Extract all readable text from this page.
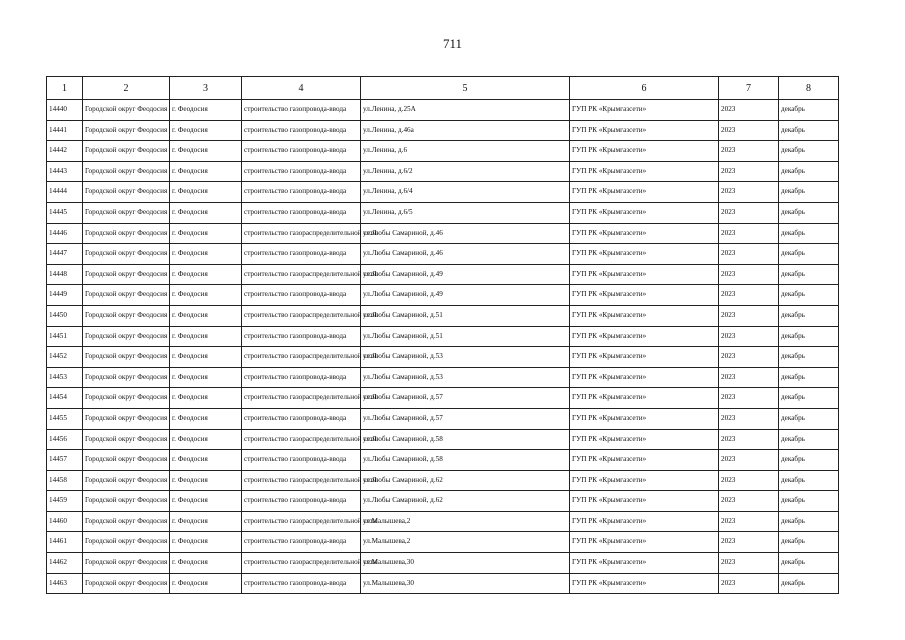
711
1	2	3	4	5	6	7	8
14440	Городской округ Феодосия	г. Феодосия	строительство газопровода-ввода	ул.Ленина, д.25А	ГУП РК «Крымгазсети»	2023	декабрь
14441	Городской округ Феодосия	г. Феодосия	строительство газопровода-ввода	ул.Ленина, д.46а	ГУП РК «Крымгазсети»	2023	декабрь
14442	Городской округ Феодосия	г. Феодосия	строительство газопровода-ввода	ул.Ленина, д.6	ГУП РК «Крымгазсети»	2023	декабрь
14443	Городской округ Феодосия	г. Феодосия	строительство газопровода-ввода	ул.Ленина, д.6/2	ГУП РК «Крымгазсети»	2023	декабрь
14444	Городской округ Феодосия	г. Феодосия	строительство газопровода-ввода	ул.Ленина, д.6/4	ГУП РК «Крымгазсети»	2023	декабрь
14445	Городской округ Феодосия	г. Феодосия	строительство газопровода-ввода	ул.Ленина, д.6/5	ГУП РК «Крымгазсети»	2023	декабрь
14446	Городской округ Феодосия	г. Феодосия	строительство газораспределительной сети	ул.Любы Самариной, д.46	ГУП РК «Крымгазсети»	2023	декабрь
14447	Городской округ Феодосия	г. Феодосия	строительство газопровода-ввода	ул.Любы Самариной, д.46	ГУП РК «Крымгазсети»	2023	декабрь
14448	Городской округ Феодосия	г. Феодосия	строительство газораспределительной сети	ул.Любы Самариной, д.49	ГУП РК «Крымгазсети»	2023	декабрь
14449	Городской округ Феодосия	г. Феодосия	строительство газопровода-ввода	ул.Любы Самариной, д.49	ГУП РК «Крымгазсети»	2023	декабрь
14450	Городской округ Феодосия	г. Феодосия	строительство газораспределительной сети	ул.Любы Самариной, д.51	ГУП РК «Крымгазсети»	2023	декабрь
14451	Городской округ Феодосия	г. Феодосия	строительство газопровода-ввода	ул.Любы Самариной, д.51	ГУП РК «Крымгазсети»	2023	декабрь
14452	Городской округ Феодосия	г. Феодосия	строительство газораспределительной сети	ул.Любы Самариной, д.53	ГУП РК «Крымгазсети»	2023	декабрь
14453	Городской округ Феодосия	г. Феодосия	строительство газопровода-ввода	ул.Любы Самариной, д.53	ГУП РК «Крымгазсети»	2023	декабрь
14454	Городской округ Феодосия	г. Феодосия	строительство газораспределительной сети	ул.Любы Самариной, д.57	ГУП РК «Крымгазсети»	2023	декабрь
14455	Городской округ Феодосия	г. Феодосия	строительство газопровода-ввода	ул.Любы Самариной, д.57	ГУП РК «Крымгазсети»	2023	декабрь
14456	Городской округ Феодосия	г. Феодосия	строительство газораспределительной сети	ул.Любы Самариной, д.58	ГУП РК «Крымгазсети»	2023	декабрь
14457	Городской округ Феодосия	г. Феодосия	строительство газопровода-ввода	ул.Любы Самариной, д.58	ГУП РК «Крымгазсети»	2023	декабрь
14458	Городской округ Феодосия	г. Феодосия	строительство газораспределительной сети	ул.Любы Самариной, д.62	ГУП РК «Крымгазсети»	2023	декабрь
14459	Городской округ Феодосия	г. Феодосия	строительство газопровода-ввода	ул.Любы Самариной, д.62	ГУП РК «Крымгазсети»	2023	декабрь
14460	Городской округ Феодосия	г. Феодосия	строительство газораспределительной сети	ул.Малышева,2	ГУП РК «Крымгазсети»	2023	декабрь
14461	Городской округ Феодосия	г. Феодосия	строительство газопровода-ввода	ул.Малышева,2	ГУП РК «Крымгазсети»	2023	декабрь
14462	Городской округ Феодосия	г. Феодосия	строительство газораспределительной сети	ул.Малышева,30	ГУП РК «Крымгазсети»	2023	декабрь
14463	Городской округ Феодосия	г. Феодосия	строительство газопровода-ввода	ул.Малышева,30	ГУП РК «Крымгазсети»	2023	декабрь
